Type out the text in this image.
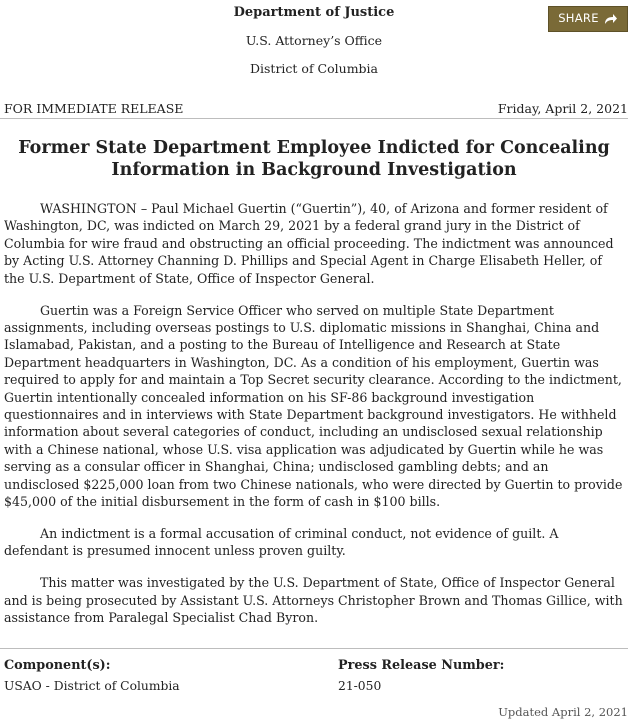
Department of Justice
U.S. Attorney’s Office
District of Columbia
SHARE
FOR IMMEDIATE RELEASE	Friday, April 2, 2021
Former State Department Employee Indicted for Concealing Information in Background Investigation

WASHINGTON – Paul Michael Guertin (“Guertin”), 40, of Arizona and former resident of Washington, DC, was indicted on March 29, 2021 by a federal grand jury in the District of Columbia for wire fraud and obstructing an official proceeding. The indictment was announced by Acting U.S. Attorney Channing D. Phillips and Special Agent in Charge Elisabeth Heller, of the U.S. Department of State, Office of Inspector General.

Guertin was a Foreign Service Officer who served on multiple State Department assignments, including overseas postings to U.S. diplomatic missions in Shanghai, China and Islamabad, Pakistan, and a posting to the Bureau of Intelligence and Research at State Department headquarters in Washington, DC. As a condition of his employment, Guertin was required to apply for and maintain a Top Secret security clearance. According to the indictment, Guertin intentionally concealed information on his SF-86 background investigation questionnaires and in interviews with State Department background investigators. He withheld information about several categories of conduct, including an undisclosed sexual relationship with a Chinese national, whose U.S. visa application was adjudicated by Guertin while he was serving as a consular officer in Shanghai, China; undisclosed gambling debts; and an undisclosed $225,000 loan from two Chinese nationals, who were directed by Guertin to provide $45,000 of the initial disbursement in the form of cash in $100 bills.

An indictment is a formal accusation of criminal conduct, not evidence of guilt. A defendant is presumed innocent unless proven guilty.

This matter was investigated by the U.S. Department of State, Office of Inspector General and is being prosecuted by Assistant U.S. Attorneys Christopher Brown and Thomas Gillice, with assistance from Paralegal Specialist Chad Byron.

Component(s):
USAO - District of Columbia
Press Release Number:
21-050
Updated April 2, 2021
